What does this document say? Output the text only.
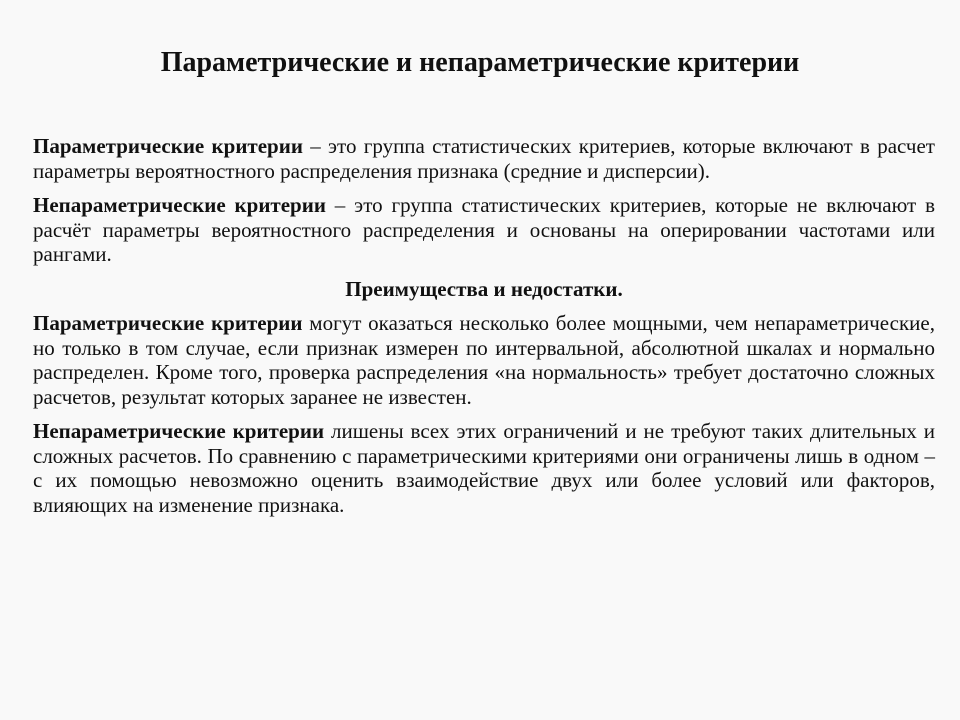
Параметрические и непараметрические критерии

Параметрические критерии – это группа статистических критериев, которые включают в расчет параметры вероятностного распределения признака (средние и дисперсии).

Непараметрические критерии – это группа статистических критериев, которые не включают в расчёт параметры вероятностного распределения и основаны на оперировании частотами или рангами.

Преимущества и недостатки.

Параметрические критерии могут оказаться несколько более мощными, чем непараметрические, но только в том случае, если признак измерен по интервальной, абсолютной шкалах и нормально распределен. Кроме того, проверка распределения «на нормальность» требует достаточно сложных расчетов, результат которых заранее не известен.

Непараметрические критерии лишены всех этих ограничений и не требуют таких длительных и сложных расчетов. По сравнению с параметрическими критериями они ограничены лишь в одном – с их помощью невозможно оценить взаимодействие двух или более условий или факторов, влияющих на изменение признака.
